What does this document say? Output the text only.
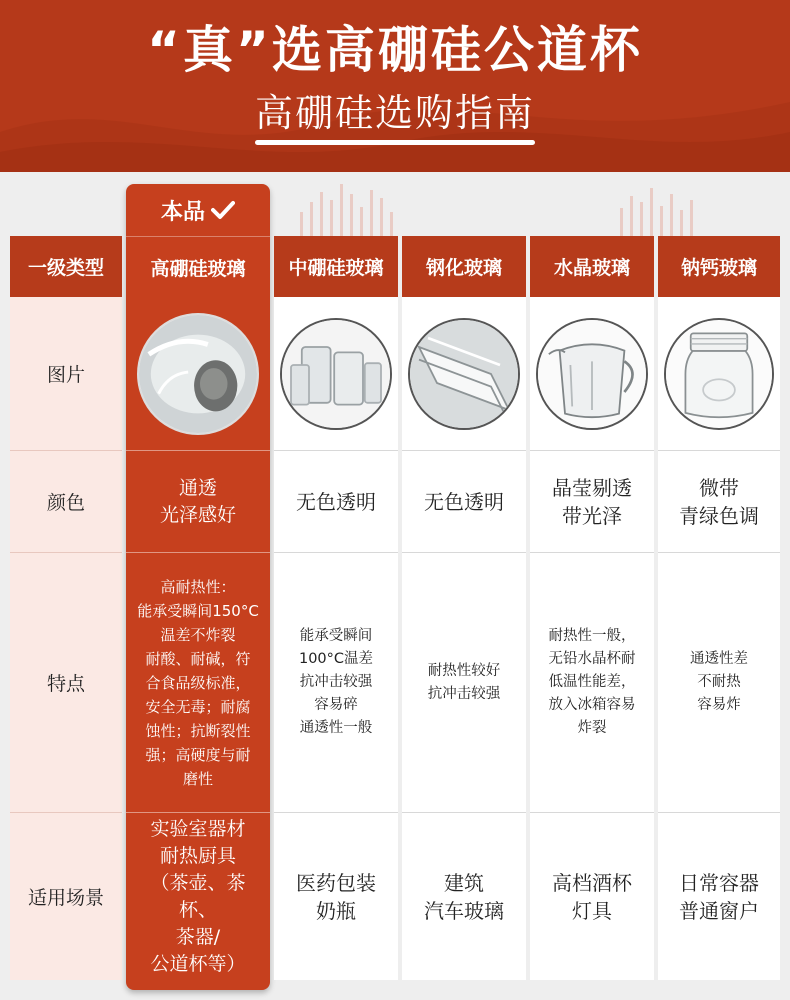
“真”选高硼硅公道杯
高硼硅选购指南
一级类型
图片
颜色
特点
适用场景
本品
高硼硅玻璃
通透
光泽感好
高耐热性：
能承受瞬间150°C
温差不炸裂
耐酸、耐碱，符
合食品级标准，
安全无毒；耐腐
蚀性；抗断裂性
强；高硬度与耐
磨性
实验室器材
耐热厨具
（茶壶、茶杯、
茶器/
公道杯等）
中硼硅玻璃
无色透明
能承受瞬间
100°C温差
抗冲击较强
容易碎
通透性一般
医药包装
奶瓶
钢化玻璃
无色透明
耐热性较好
抗冲击较强
建筑
汽车玻璃
水晶玻璃
晶莹剔透
带光泽
耐热性一般，
无铅水晶杯耐
低温性能差，
放入冰箱容易
炸裂
高档酒杯
灯具
钠钙玻璃
微带
青绿色调
通透性差
不耐热
容易炸
日常容器
普通窗户
